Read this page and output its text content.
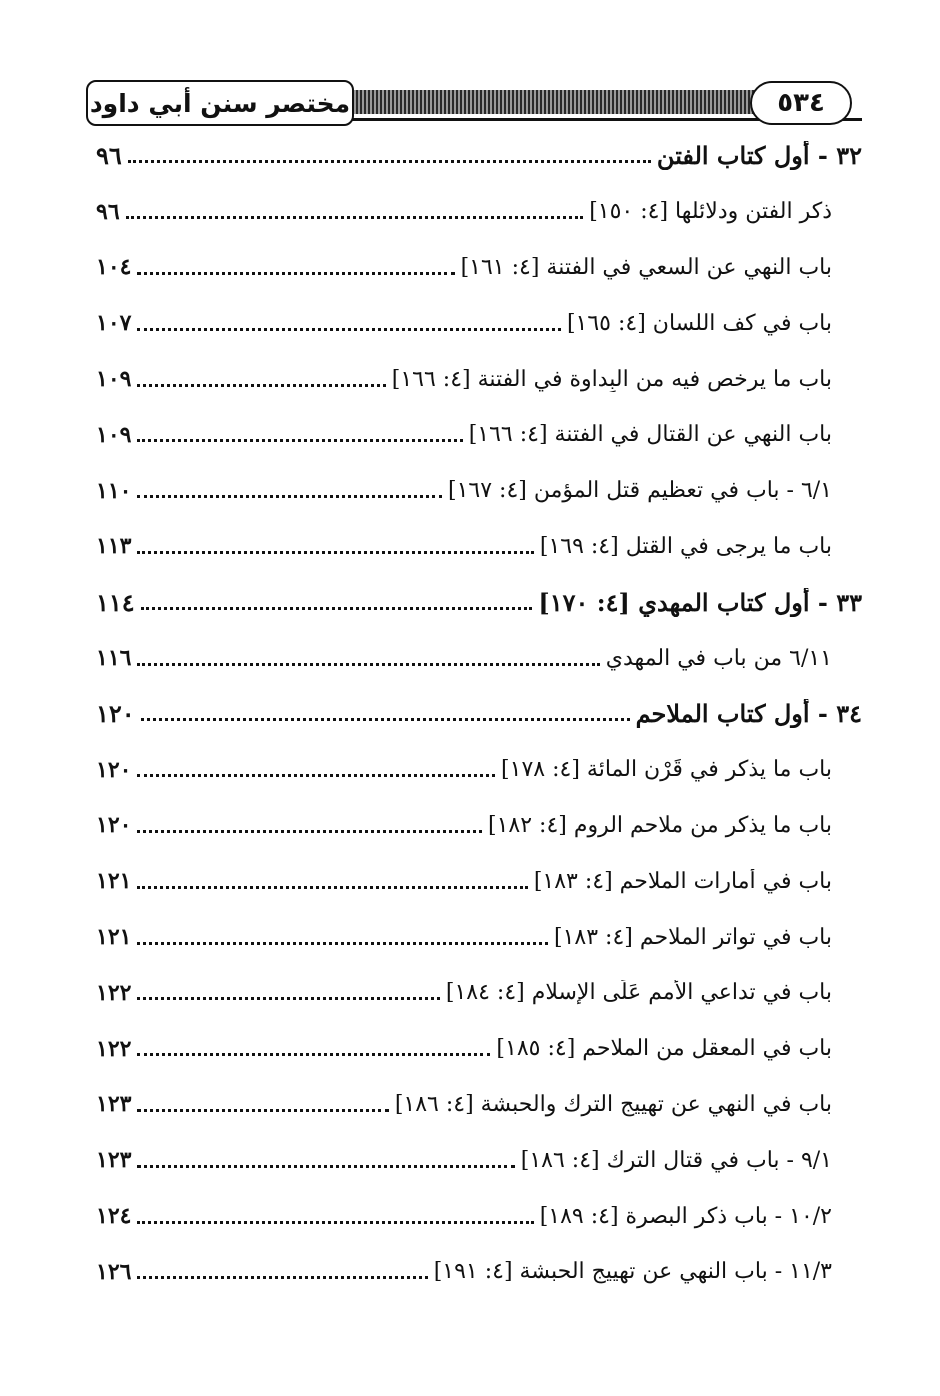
مختصر سنن أبي داود	٥٣٤
٣٢ - أول كتاب الفتن
٩٦
ذكر الفتن ودلائلها [٤: ١٥٠]
٩٦
باب النهي عن السعي في الفتنة [٤: ١٦١]
١٠٤
باب في كف اللسان [٤: ١٦٥]
١٠٧
باب ما يرخص فيه من البِداوة في الفتنة [٤: ١٦٦]
١٠٩
باب النهي عن القتال في الفتنة [٤: ١٦٦]
١٠٩
٦/١ - باب في تعظيم قتل المؤمن [٤: ١٦٧]
١١٠
باب ما يرجى في القتل [٤: ١٦٩]
١١٣
٣٣ - أول كتاب المهدي [٤: ١٧٠]
١١٤
٦/١١ من باب في المهدي
١١٦
٣٤ - أول كتاب الملاحم
١٢٠
باب ما يذكر في قَرْن المائة [٤: ١٧٨]
١٢٠
باب ما يذكر من ملاحم الروم [٤: ١٨٢]
١٢٠
باب في أمارات الملاحم [٤: ١٨٣]
١٢١
باب في تواتر الملاحم [٤: ١٨٣]
١٢١
باب في تداعي الأمم عَلَى الإسلام [٤: ١٨٤]
١٢٢
باب في المعقل من الملاحم [٤: ١٨٥]
١٢٢
باب في النهي عن تهييج الترك والحبشة [٤: ١٨٦]
١٢٣
٩/١ - باب في قتال الترك [٤: ١٨٦]
١٢٣
١٠/٢ - باب ذكر البصرة [٤: ١٨٩]
١٢٤
١١/٣ - باب النهي عن تهييج الحبشة [٤: ١٩١]
١٢٦
